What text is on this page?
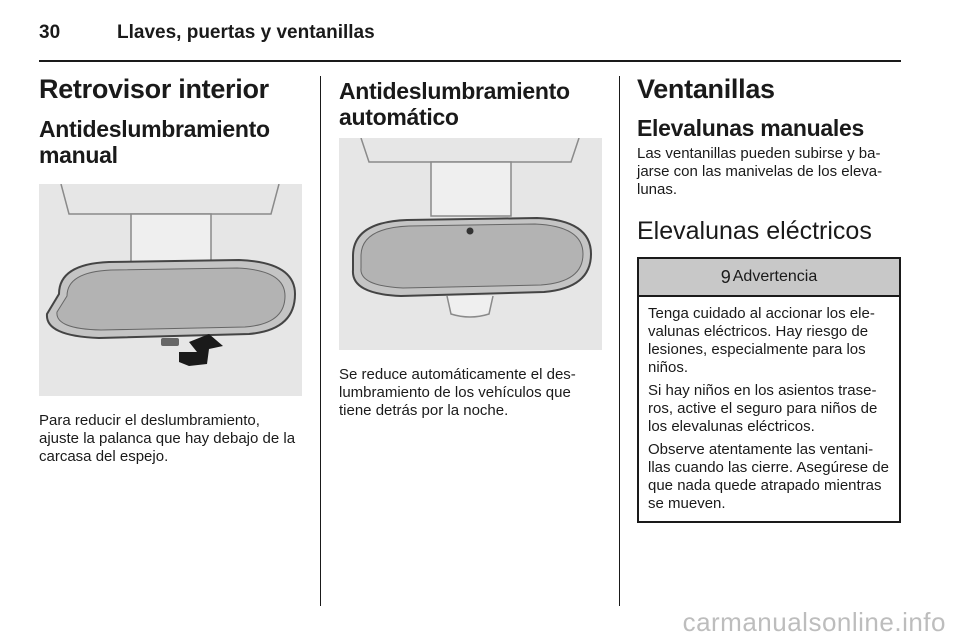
30	Llaves, puertas y ventanillas
Retrovisor interior
Antideslumbramiento manual

Para reducir el deslumbramiento, ajuste la palanca que hay debajo de la carcasa del espejo.

Antideslumbramiento automático

Se reduce automáticamente el des-lumbramiento de los vehículos que tiene detrás por la noche.

Ventanillas
Elevalunas manuales

Las ventanillas pueden subirse y ba-jarse con las manivelas de los eleva-lunas.

Elevalunas eléctricos
9 Advertencia

Tenga cuidado al accionar los ele-valunas eléctricos. Hay riesgo de lesiones, especialmente para los niños.

Si hay niños en los asientos trase-ros, active el seguro para niños de los elevalunas eléctricos.

Observe atentamente las ventani-llas cuando las cierre. Asegúrese de que nada quede atrapado mientras se mueven.

carmanualsonline.info
